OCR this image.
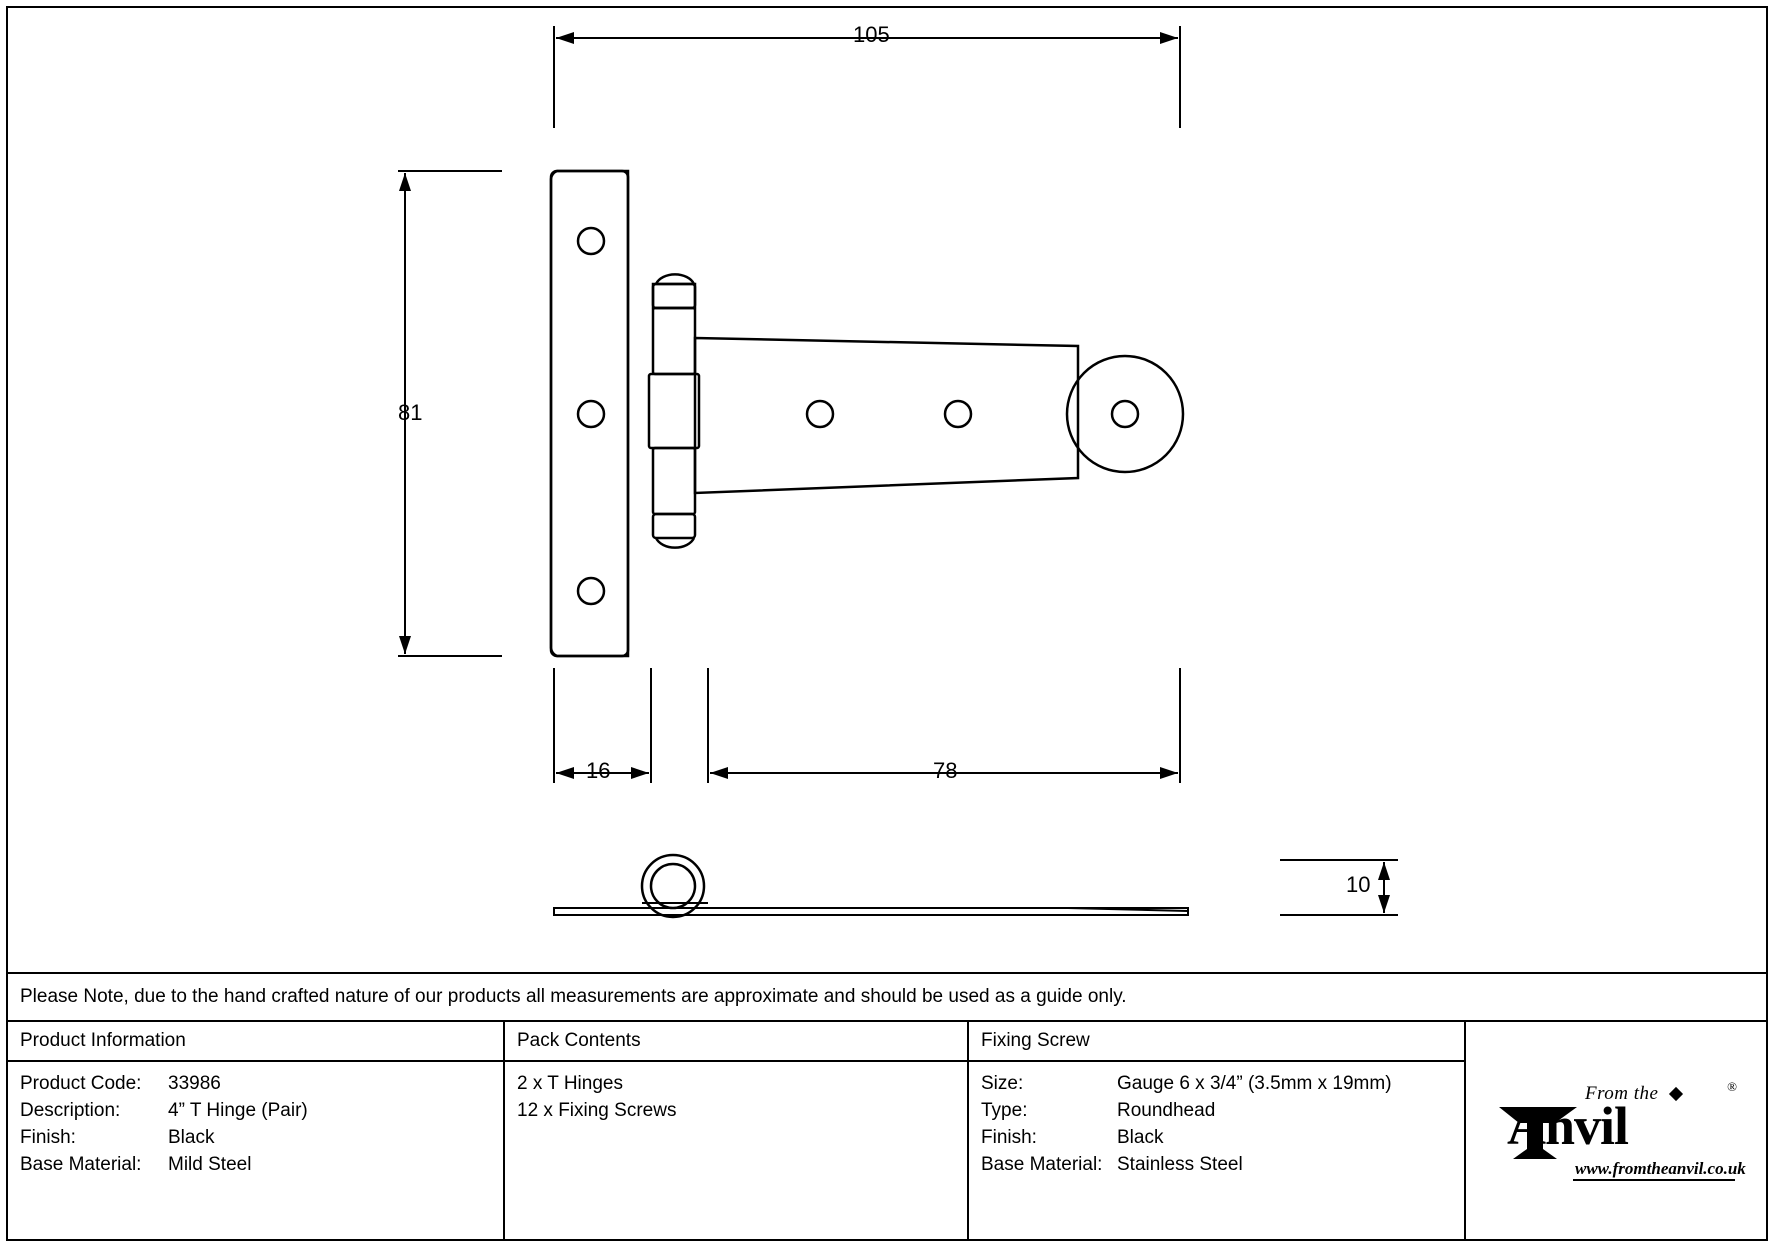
105
81
16	78
10
Please Note, due to the hand crafted nature of our products all measurements are approximate and should be used as a guide only.
Product Information
Product Code:	33986
Description:	4” T Hinge (Pair)
Finish:	Black
Base Material:	Mild Steel
Pack Contents
2 x T Hinges
12 x Fixing Screws
Fixing Screw
Size:	Gauge 6 x 3/4” (3.5mm x 19mm)
Type:	Roundhead
Finish:	Black
Base Material: Stainless Steel
From the	®
Anvil
www.fromtheanvil.co.uk
